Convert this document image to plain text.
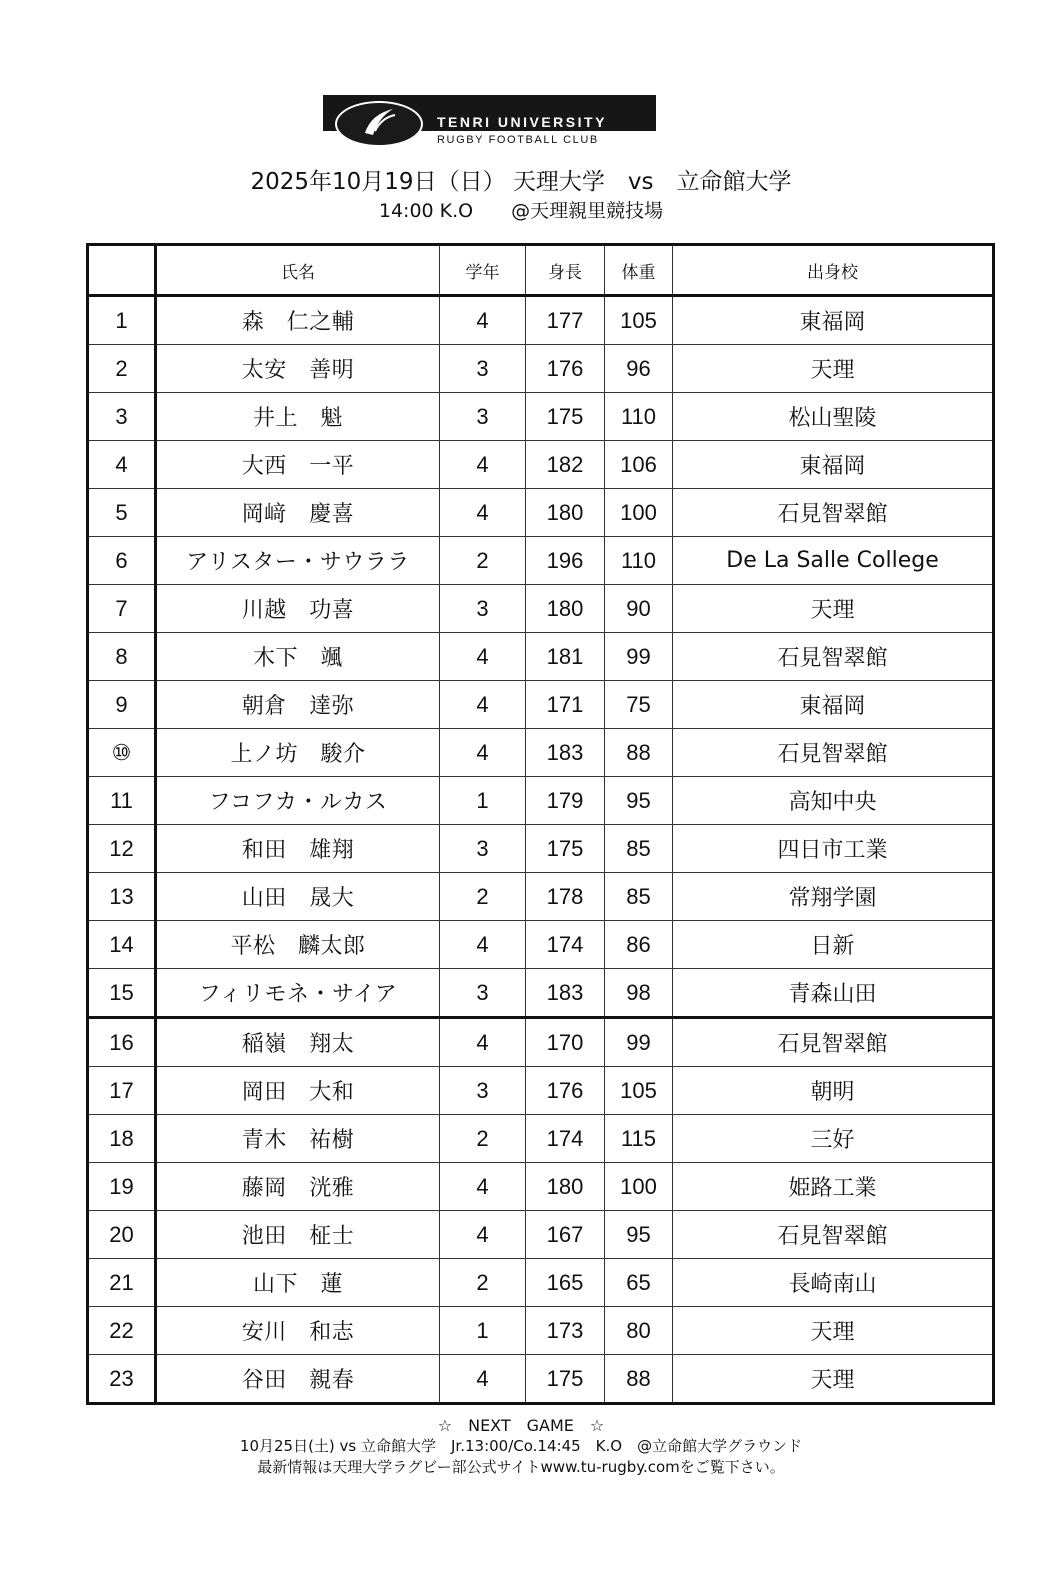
TENRI UNIVERSITY
RUGBY FOOTBALL CLUB
2025年10月19日（日） 天理大学　vs　立命館大学
14:00 K.O　　@天理親里競技場
	氏名	学年	身長	体重	出身校
1	森　仁之輔	4	177	105	東福岡
2	太安　善明	3	176	96	天理
3	井上　魁	3	175	110	松山聖陵
4	大西　一平	4	182	106	東福岡
5	岡﨑　慶喜	4	180	100	石見智翠館
6	アリスター・サウララ	2	196	110	De La Salle College
7	川越　功喜	3	180	90	天理
8	木下　颯	4	181	99	石見智翠館
9	朝倉　達弥	4	171	75	東福岡
⑩	上ノ坊　駿介	4	183	88	石見智翠館
11	フコフカ・ルカス	1	179	95	高知中央
12	和田　雄翔	3	175	85	四日市工業
13	山田　晟大	2	178	85	常翔学園
14	平松　麟太郎	4	174	86	日新
15	フィリモネ・サイア	3	183	98	青森山田
16	稲嶺　翔太	4	170	99	石見智翠館
17	岡田　大和	3	176	105	朝明
18	青木　祐樹	2	174	115	三好
19	藤岡　洸雅	4	180	100	姫路工業
20	池田　柾士	4	167	95	石見智翠館
21	山下　蓮	2	165	65	長崎南山
22	安川　和志	1	173	80	天理
23	谷田　親春	4	175	88	天理
☆　NEXT　GAME　☆
10月25日(土) vs 立命館大学　Jr.13:00/Co.14:45　K.O　@立命館大学グラウンド
最新情報は天理大学ラグビー部公式サイトwww.tu-rugby.comをご覧下さい。
